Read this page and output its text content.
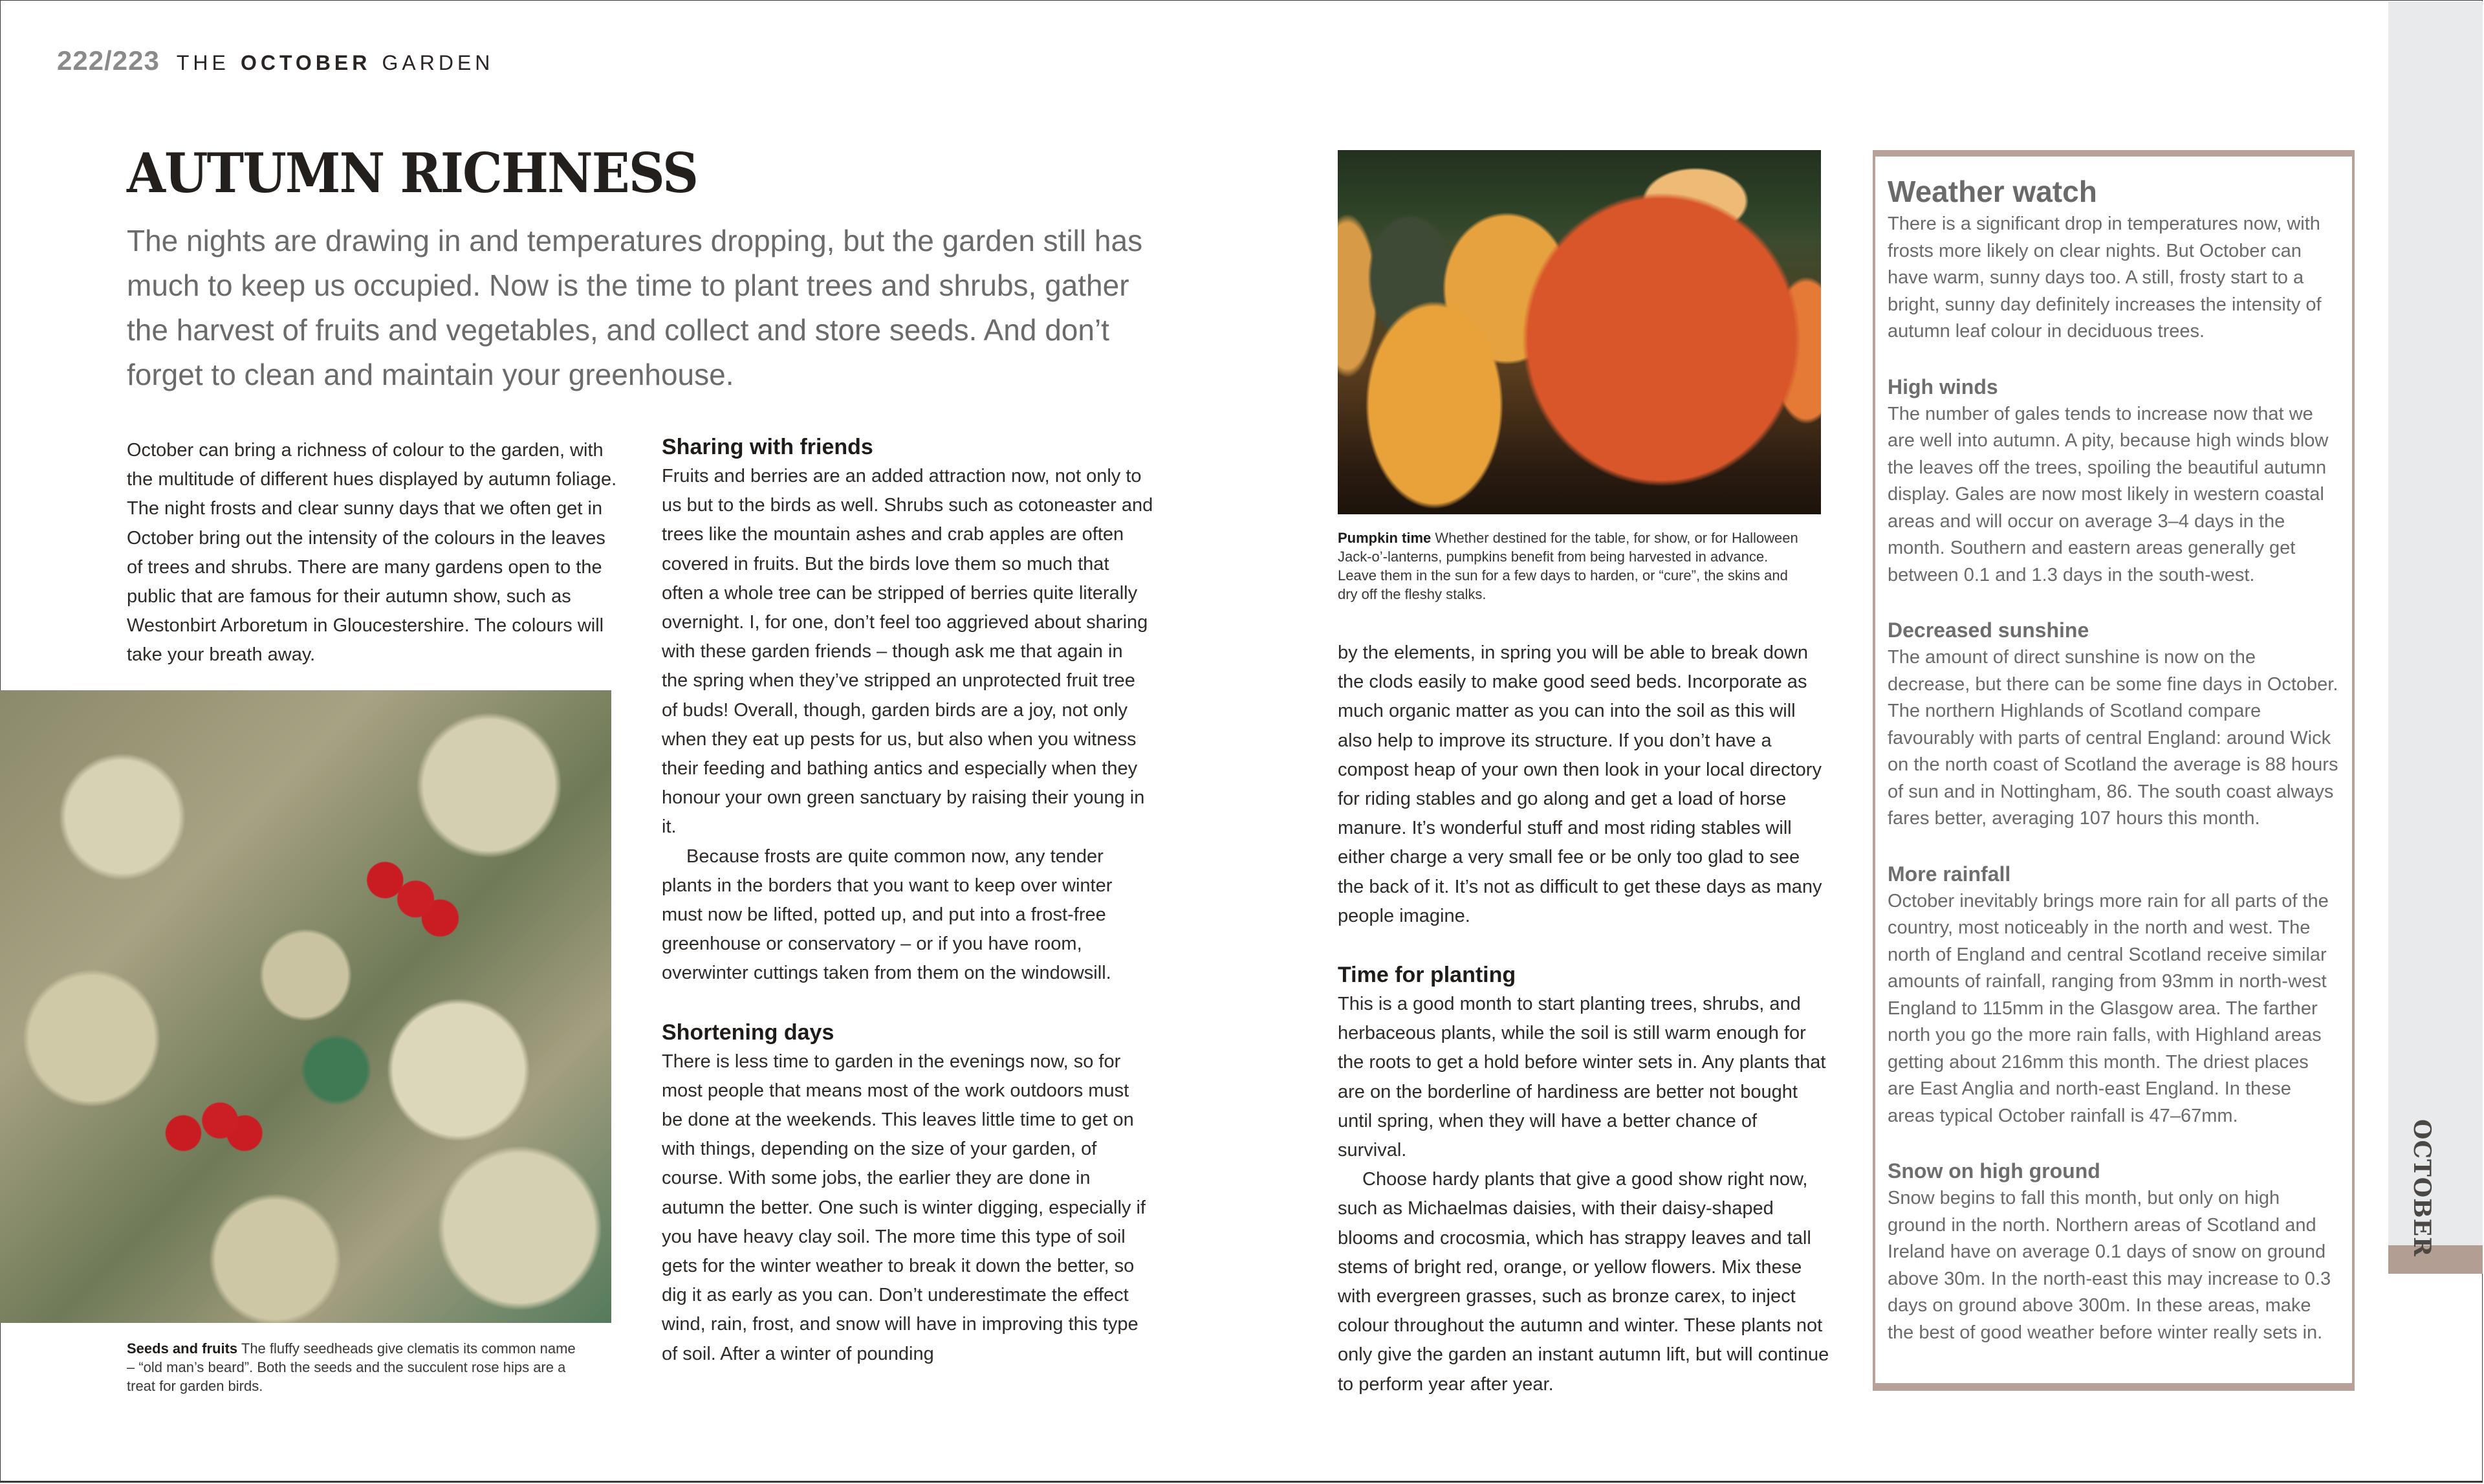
222/223 THE OCTOBER GARDEN
AUTUMN RICHNESS
The nights are drawing in and temperatures dropping, but the garden still has much to keep us occupied. Now is the time to plant trees and shrubs, gather the harvest of fruits and vegetables, and collect and store seeds. And don’t forget to clean and maintain your greenhouse.

October can bring a richness of colour to the garden, with the multitude of different hues displayed by autumn foliage. The night frosts and clear sunny days that we often get in October bring out the intensity of the colours in the leaves of trees and shrubs. There are many gardens open to the public that are famous for their autumn show, such as Westonbirt Arboretum in Gloucestershire. The colours will take your breath away.

Seeds and fruits The fluffy seedheads give clematis its common name – “old man’s beard”. Both the seeds and the succulent rose hips are a treat for garden birds.
Sharing with friends

Fruits and berries are an added attraction now, not only to us but to the birds as well. Shrubs such as cotoneaster and trees like the mountain ashes and crab apples are often covered in fruits. But the birds love them so much that often a whole tree can be stripped of berries quite literally overnight. I, for one, don’t feel too aggrieved about sharing with these garden friends – though ask me that again in the spring when they’ve stripped an unprotected fruit tree of buds! Overall, though, garden birds are a joy, not only when they eat up pests for us, but also when you witness their feeding and bathing antics and especially when they honour your own green sanctuary by raising their young in it.

Because frosts are quite common now, any tender plants in the borders that you want to keep over winter must now be lifted, potted up, and put into a frost-free greenhouse or conservatory – or if you have room, overwinter cuttings taken from them on the windowsill.

Shortening days

There is less time to garden in the evenings now, so for most people that means most of the work outdoors must be done at the weekends. This leaves little time to get on with things, depending on the size of your garden, of course. With some jobs, the earlier they are done in autumn the better. One such is winter digging, especially if you have heavy clay soil. The more time this type of soil gets for the winter weather to break it down the better, so dig it as early as you can. Don’t underestimate the effect wind, rain, frost, and snow will have in improving this type of soil. After a winter of pounding

Pumpkin time Whether destined for the table, for show, or for Halloween Jack-o’-lanterns, pumpkins benefit from being harvested in advance. Leave them in the sun for a few days to harden, or “cure”, the skins and dry off the fleshy stalks.

by the elements, in spring you will be able to break down the clods easily to make good seed beds. Incorporate as much organic matter as you can into the soil as this will also help to improve its structure. If you don’t have a compost heap of your own then look in your local directory for riding stables and go along and get a load of horse manure. It’s wonderful stuff and most riding stables will either charge a very small fee or be only too glad to see the back of it. It’s not as difficult to get these days as many people imagine.

Time for planting

This is a good month to start planting trees, shrubs, and herbaceous plants, while the soil is still warm enough for the roots to get a hold before winter sets in. Any plants that are on the borderline of hardiness are better not bought until spring, when they will have a better chance of survival.

Choose hardy plants that give a good show right now, such as Michaelmas daisies, with their daisy-shaped blooms and crocosmia, which has strappy leaves and tall stems of bright red, orange, or yellow flowers. Mix these with evergreen grasses, such as bronze carex, to inject colour throughout the autumn and winter. These plants not only give the garden an instant autumn lift, but will continue to perform year after year.

Weather watch

There is a significant drop in temperatures now, with frosts more likely on clear nights. But October can have warm, sunny days too. A still, frosty start to a bright, sunny day definitely increases the intensity of autumn leaf colour in deciduous trees.

High winds

The number of gales tends to increase now that we are well into autumn. A pity, because high winds blow the leaves off the trees, spoiling the beautiful autumn display. Gales are now most likely in western coastal areas and will occur on average 3–4 days in the month. Southern and eastern areas generally get between 0.1 and 1.3 days in the south-west.

Decreased sunshine

The amount of direct sunshine is now on the decrease, but there can be some fine days in October. The northern Highlands of Scotland compare favourably with parts of central England: around Wick on the north coast of Scotland the average is 88 hours of sun and in Nottingham, 86. The south coast always fares better, averaging 107 hours this month.

More rainfall

October inevitably brings more rain for all parts of the country, most noticeably in the north and west. The north of England and central Scotland receive similar amounts of rainfall, ranging from 93mm in north-west England to 115mm in the Glasgow area. The farther north you go the more rain falls, with Highland areas getting about 216mm this month. The driest places are East Anglia and north-east England. In these areas typical October rainfall is 47–67mm.

Snow on high ground

Snow begins to fall this month, but only on high ground in the north. Northern areas of Scotland and Ireland have on average 0.1 days of snow on ground above 30m. In the north-east this may increase to 0.3 days on ground above 300m. In these areas, make the best of good weather before winter really sets in.

OCTOBER
